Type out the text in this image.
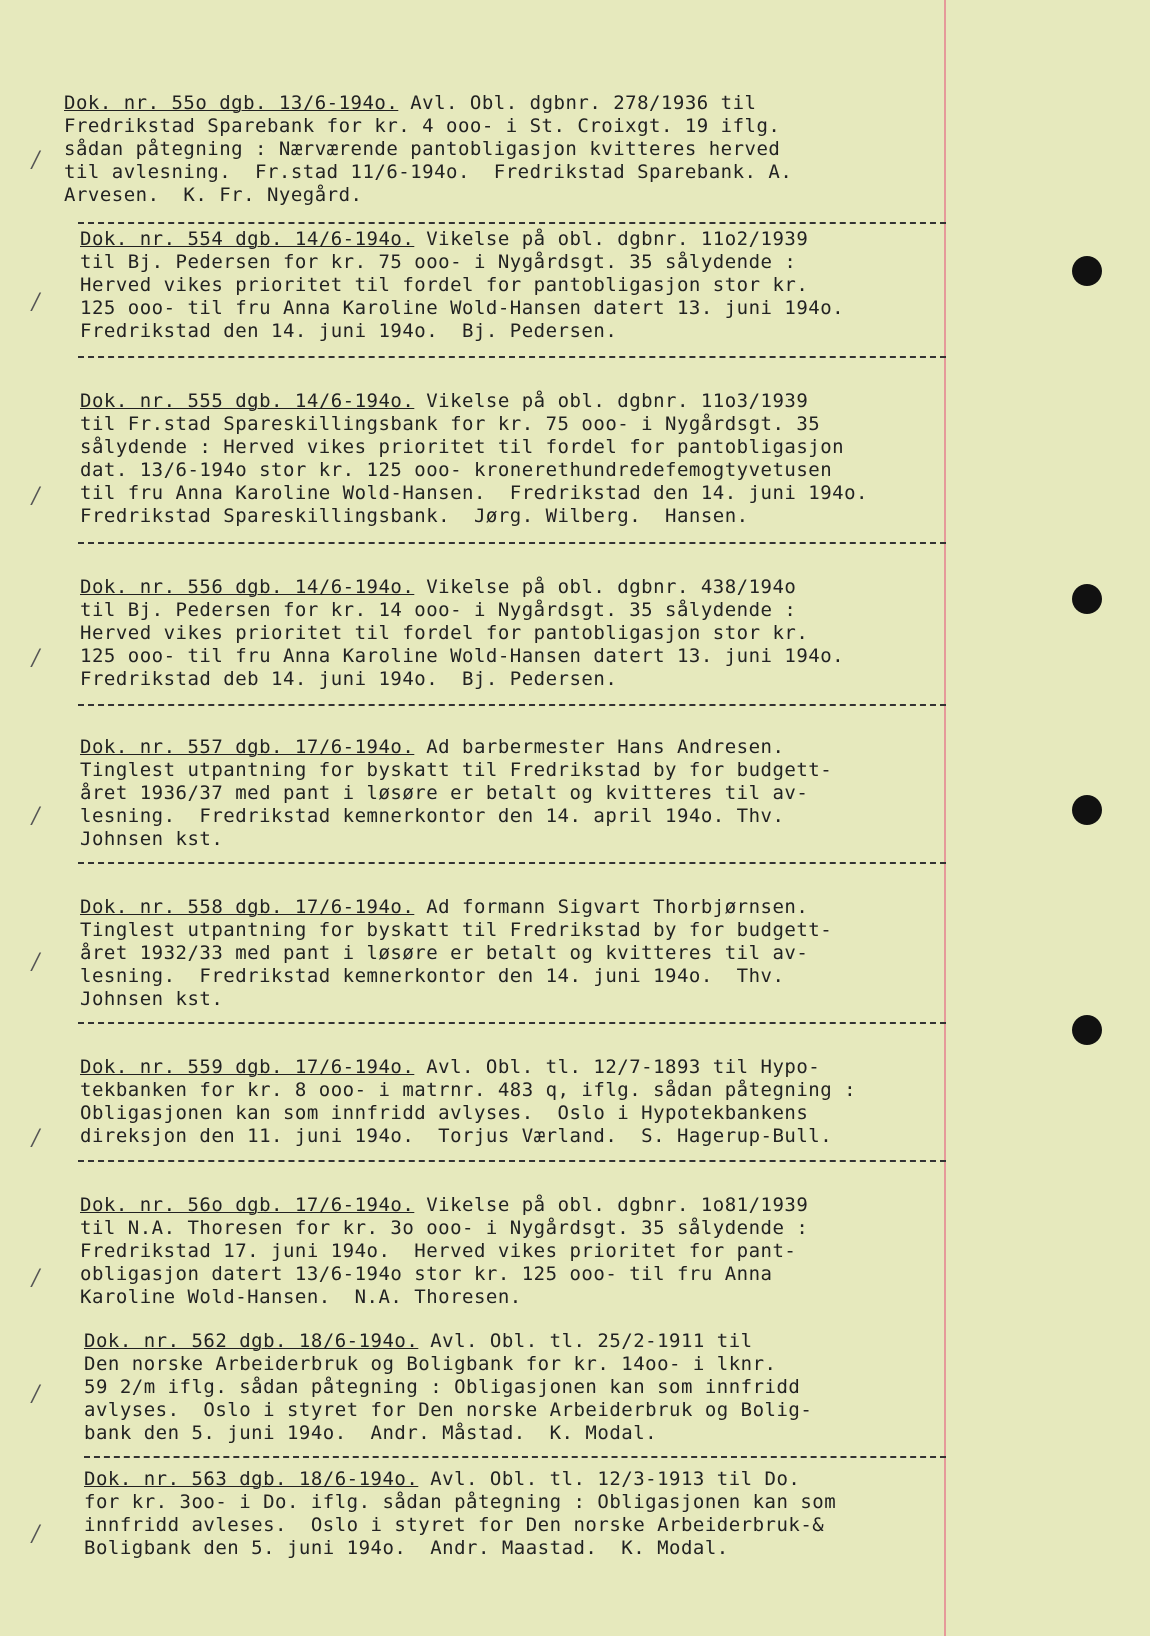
Dok. nr. 55o dgb. 13/6-194o. Avl. Obl. dgbnr. 278/1936 til
Fredrikstad Sparebank for kr. 4 ooo- i St. Croixgt. 19 iflg.
sådan påtegning : Nærværende pantobligasjon kvitteres herved
til avlesning.  Fr.stad 11/6-194o.  Fredrikstad Sparebank. A.
Arvesen.  K. Fr. Nyegård.
/
Dok. nr. 554 dgb. 14/6-194o. Vikelse på obl. dgbnr. 11o2/1939
til Bj. Pedersen for kr. 75 ooo- i Nygårdsgt. 35 sålydende :
Herved vikes prioritet til fordel for pantobligasjon stor kr.
125 ooo- til fru Anna Karoline Wold-Hansen datert 13. juni 194o.
Fredrikstad den 14. juni 194o.  Bj. Pedersen.
/
Dok. nr. 555 dgb. 14/6-194o. Vikelse på obl. dgbnr. 11o3/1939
til Fr.stad Spareskillingsbank for kr. 75 ooo- i Nygårdsgt. 35
sålydende : Herved vikes prioritet til fordel for pantobligasjon
dat. 13/6-194o stor kr. 125 ooo- kronerethundredefemogtyvetusen
til fru Anna Karoline Wold-Hansen.  Fredrikstad den 14. juni 194o.
Fredrikstad Spareskillingsbank.  Jørg. Wilberg.  Hansen.
/
Dok. nr. 556 dgb. 14/6-194o. Vikelse på obl. dgbnr. 438/194o
til Bj. Pedersen for kr. 14 ooo- i Nygårdsgt. 35 sålydende :
Herved vikes prioritet til fordel for pantobligasjon stor kr.
125 ooo- til fru Anna Karoline Wold-Hansen datert 13. juni 194o.
Fredrikstad deb 14. juni 194o.  Bj. Pedersen.
/
Dok. nr. 557 dgb. 17/6-194o. Ad barbermester Hans Andresen.
Tinglest utpantning for byskatt til Fredrikstad by for budgett-
året 1936/37 med pant i løsøre er betalt og kvitteres til av-
lesning.  Fredrikstad kemnerkontor den 14. april 194o. Thv.
Johnsen kst.
/
Dok. nr. 558 dgb. 17/6-194o. Ad formann Sigvart Thorbjørnsen.
Tinglest utpantning for byskatt til Fredrikstad by for budgett-
året 1932/33 med pant i løsøre er betalt og kvitteres til av-
lesning.  Fredrikstad kemnerkontor den 14. juni 194o.  Thv.
Johnsen kst.
/
Dok. nr. 559 dgb. 17/6-194o. Avl. Obl. tl. 12/7-1893 til Hypo-
tekbanken for kr. 8 ooo- i matrnr. 483 q, iflg. sådan påtegning :
Obligasjonen kan som innfridd avlyses.  Oslo i Hypotekbankens
direksjon den 11. juni 194o.  Torjus Værland.  S. Hagerup-Bull.
/
Dok. nr. 56o dgb. 17/6-194o. Vikelse på obl. dgbnr. 1o81/1939
til N.A. Thoresen for kr. 3o ooo- i Nygårdsgt. 35 sålydende :
Fredrikstad 17. juni 194o.  Herved vikes prioritet for pant-
obligasjon datert 13/6-194o stor kr. 125 ooo- til fru Anna
Karoline Wold-Hansen.  N.A. Thoresen.
/
Dok. nr. 562 dgb. 18/6-194o. Avl. Obl. tl. 25/2-1911 til
Den norske Arbeiderbruk og Boligbank for kr. 14oo- i lknr.
59 2/m iflg. sådan påtegning : Obligasjonen kan som innfridd
avlyses.  Oslo i styret for Den norske Arbeiderbruk og Bolig-
bank den 5. juni 194o.  Andr. Måstad.  K. Modal.
/
Dok. nr. 563 dgb. 18/6-194o. Avl. Obl. tl. 12/3-1913 til Do.
for kr. 3oo- i Do. iflg. sådan påtegning : Obligasjonen kan som
innfridd avleses.  Oslo i styret for Den norske Arbeiderbruk-&
Boligbank den 5. juni 194o.  Andr. Maastad.  K. Modal.
/
